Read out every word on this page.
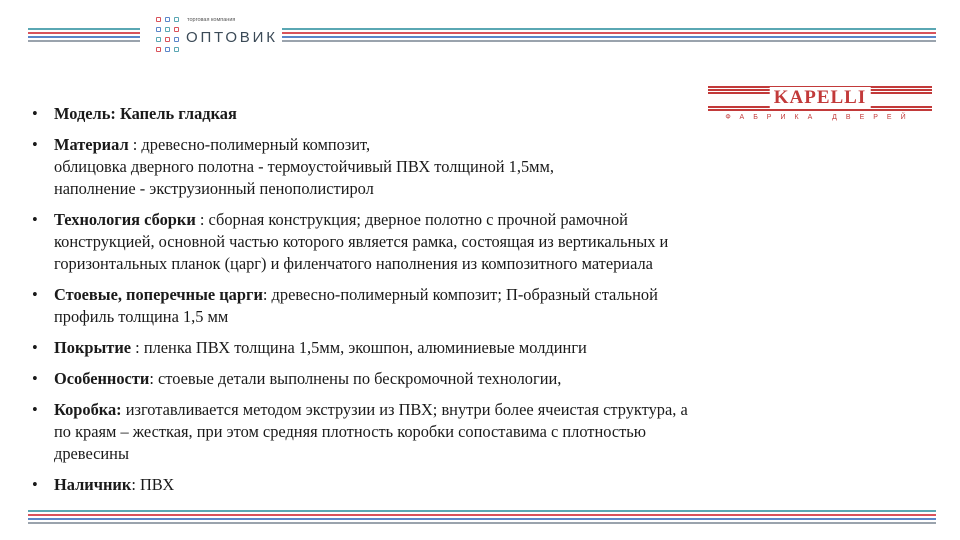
торговая компания
ОПТОВИК
KAPELLI
ФАБРИКА ДВЕРЕЙ
• Модель: Капель гладкая
• Материал : древесно-полимерный композит,
облицовка дверного полотна - термоустойчивый ПВХ толщиной 1,5мм,
наполнение - экструзионный пенополистирол
• Технология сборки : сборная конструкция; дверное полотно с прочной рамочной
конструкцией, основной частью которого является рамка, состоящая из вертикальных и
горизонтальных планок (царг) и филенчатого наполнения из композитного материала
• Стоевые, поперечные царги: древесно-полимерный композит; П-образный стальной
профиль толщина 1,5 мм
• Покрытие : пленка ПВХ толщина 1,5мм, экошпон, алюминиевые молдинги
• Особенности: стоевые детали выполнены по бескромочной технологии,
• Коробка: изготавливается методом экструзии из ПВХ; внутри более ячеистая структура, а
по краям – жесткая, при этом средняя плотность коробки сопоставима с плотностью
древесины
• Наличник: ПВХ
